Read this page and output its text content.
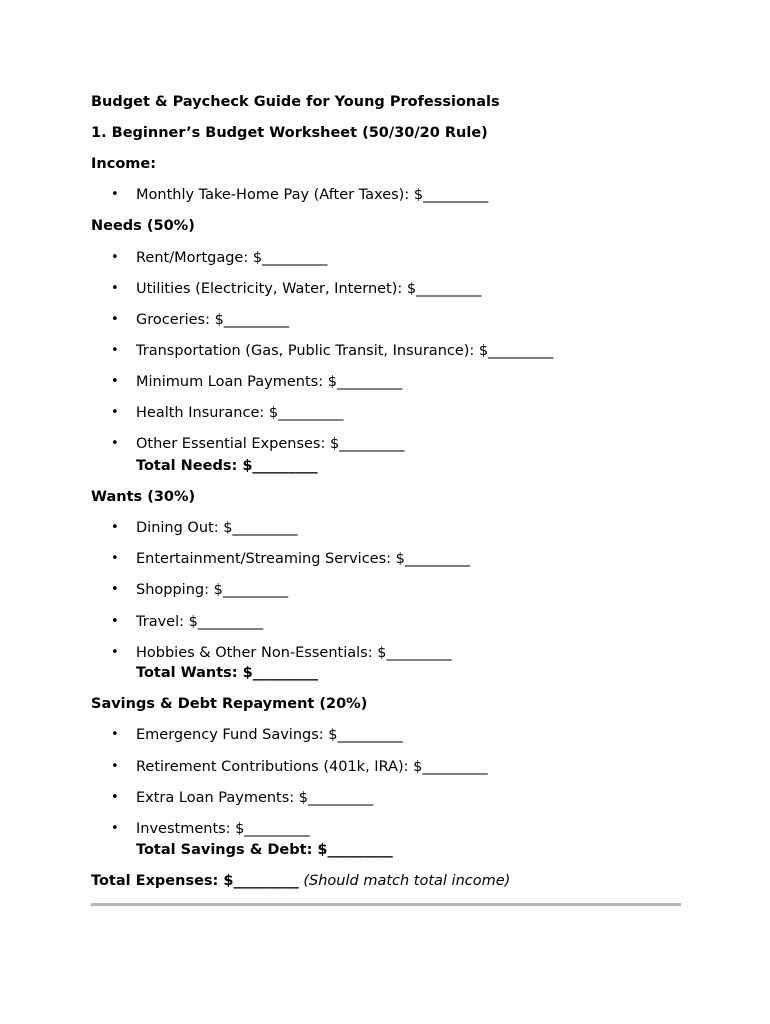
Budget & Paycheck Guide for Young Professionals
1. Beginner’s Budget Worksheet (50/30/20 Rule)
Income:
• Monthly Take-Home Pay (After Taxes): $_________
Needs (50%)
• Rent/Mortgage: $_________
• Utilities (Electricity, Water, Internet): $_________
• Groceries: $_________
• Transportation (Gas, Public Transit, Insurance): $_________
• Minimum Loan Payments: $_________
• Health Insurance: $_________
• Other Essential Expenses: $_________
Total Needs: $_________
Wants (30%)
• Dining Out: $_________
• Entertainment/Streaming Services: $_________
• Shopping: $_________
• Travel: $_________
• Hobbies & Other Non-Essentials: $_________
Total Wants: $_________
Savings & Debt Repayment (20%)
• Emergency Fund Savings: $_________
• Retirement Contributions (401k, IRA): $_________
• Extra Loan Payments: $_________
• Investments: $_________
Total Savings & Debt: $_________
Total Expenses: $_________ (Should match total income)
